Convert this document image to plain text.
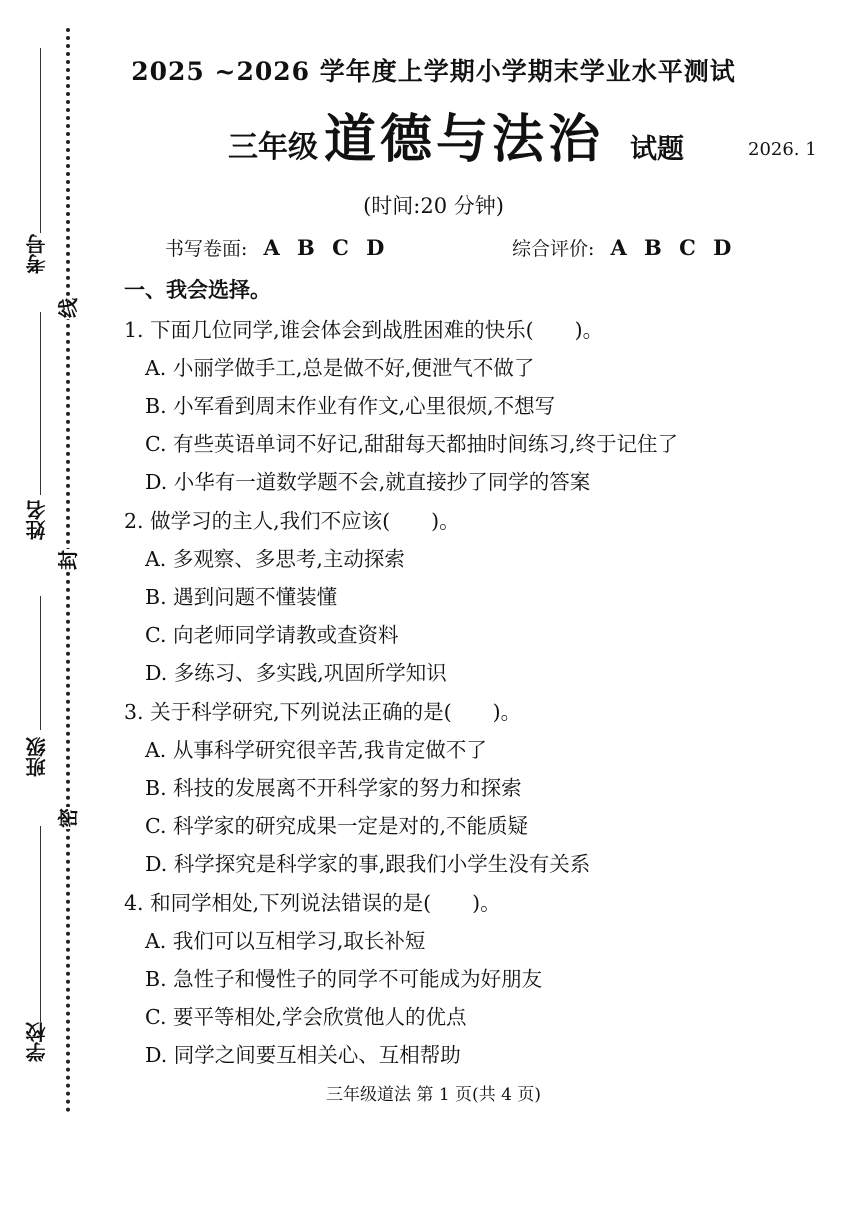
考号
姓名
班级
学校
线
封
密
2025 ~2026 学年度上学期小学期末学业水平测试
三年级 道德与法治 试题	2026. 1
(时间:20 分钟)
书写卷面: A B C D	综合评价: A B C D
一、我会选择。
1. 下面几位同学,谁会体会到战胜困难的快乐(　　)。
A. 小丽学做手工,总是做不好,便泄气不做了
B. 小军看到周末作业有作文,心里很烦,不想写
C. 有些英语单词不好记,甜甜每天都抽时间练习,终于记住了
D. 小华有一道数学题不会,就直接抄了同学的答案
2. 做学习的主人,我们不应该(　　)。
A. 多观察、多思考,主动探索
B. 遇到问题不懂装懂
C. 向老师同学请教或查资料
D. 多练习、多实践,巩固所学知识
3. 关于科学研究,下列说法正确的是(　　)。
A. 从事科学研究很辛苦,我肯定做不了
B. 科技的发展离不开科学家的努力和探索
C. 科学家的研究成果一定是对的,不能质疑
D. 科学探究是科学家的事,跟我们小学生没有关系
4. 和同学相处,下列说法错误的是(　　)。
A. 我们可以互相学习,取长补短
B. 急性子和慢性子的同学不可能成为好朋友
C. 要平等相处,学会欣赏他人的优点
D. 同学之间要互相关心、互相帮助
三年级道法 第 1 页(共 4 页)
